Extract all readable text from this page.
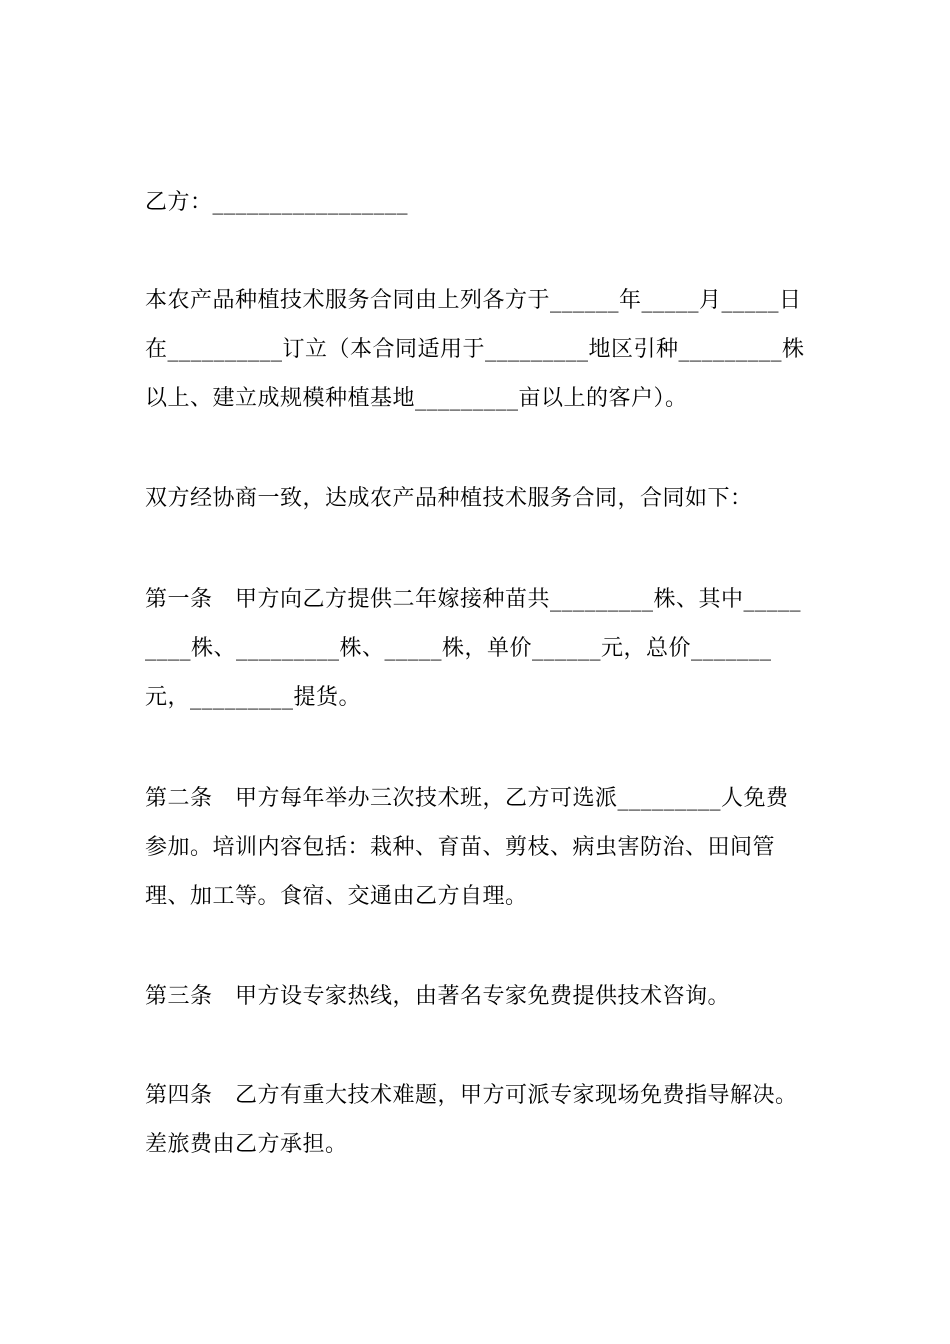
乙方：_________________

本农产品种植技术服务合同由上列各方于______年_____月_____日在__________订立（本合同适用于_________地区引种_________株以上、建立成规模种植基地_________亩以上的客户）。

双方经协商一致，达成农产品种植技术服务合同，合同如下：

第一条　甲方向乙方提供二年嫁接种苗共_________株、其中_________株、_________株、_____株，单价______元，总价_______元，_________提货。

第二条　甲方每年举办三次技术班，乙方可选派_________人免费参加。培训内容包括：栽种、育苗、剪枝、病虫害防治、田间管理、加工等。食宿、交通由乙方自理。

第三条　甲方设专家热线，由著名专家免费提供技术咨询。

第四条　乙方有重大技术难题，甲方可派专家现场免费指导解决。差旅费由乙方承担。
